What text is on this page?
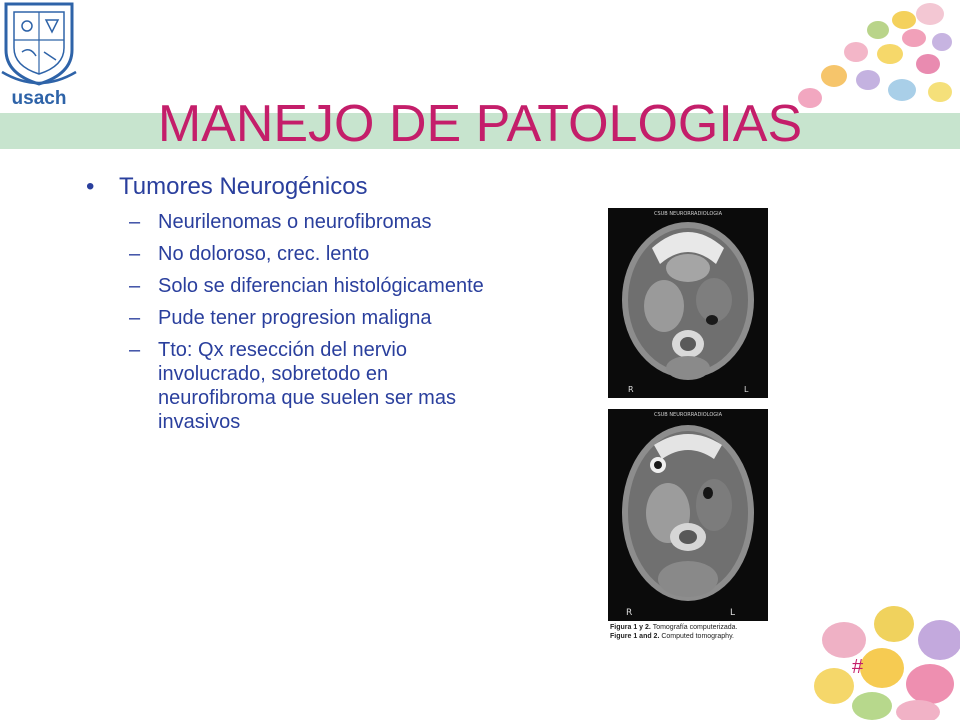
usach	MANEJO DE PATOLOGIAS
• Tumores Neurogénicos
– Neurilenomas o neurofibromas
– No doloroso, crec. lento
– Solo se diferencian histológicamente
– Pude tener progresion maligna
– Tto: Qx resección del nervio involucrado, sobretodo en neurofibroma que suelen ser mas invasivos
CSUB NEURORRADIOLOGIA
R	L
CSUB NEURORRADIOLOGIA
R	L
Figura 1 y 2. Tomografía computerizada.
Figure 1 and 2. Computed tomography.
#
